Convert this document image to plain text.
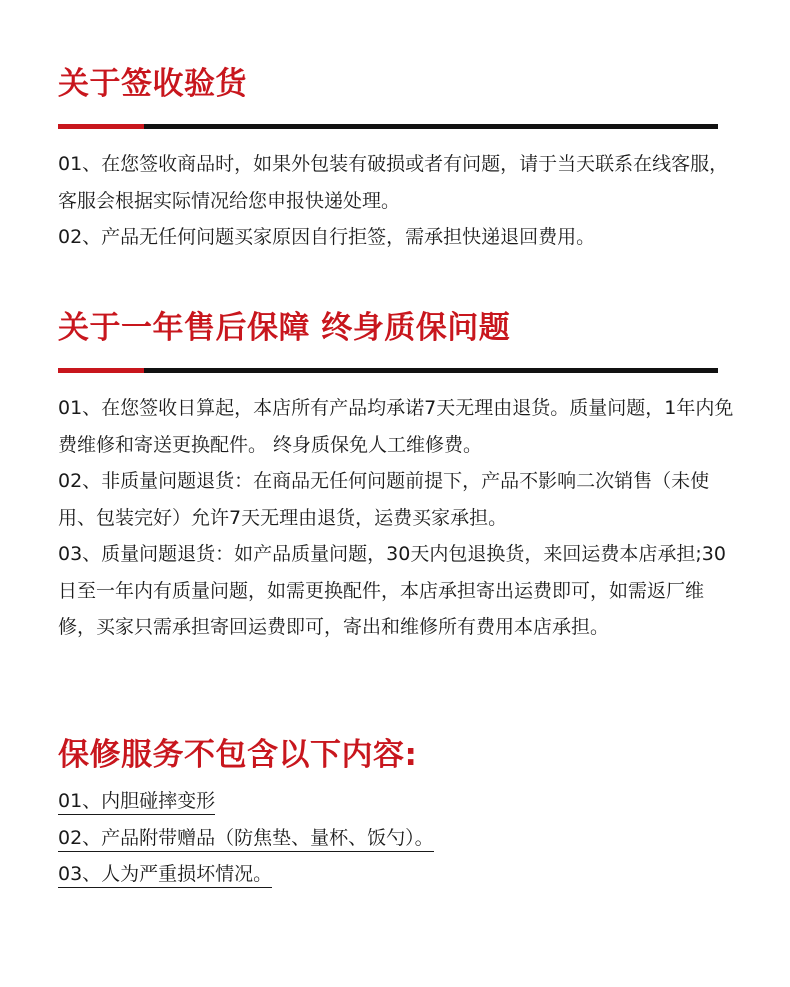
关于签收验货

01、在您签收商品时，如果外包装有破损或者有问题，请于当天联系在线客服，客服会根据实际情况给您申报快递处理。

02、产品无任何问题买家原因自行拒签，需承担快递退回费用。

关于一年售后保障 终身质保问题

01、在您签收日算起，本店所有产品均承诺7天无理由退货。质量问题，1年内免费维修和寄送更换配件。 终身质保免人工维修费。

02、非质量问题退货：在商品无任何问题前提下，产品不影响二次销售（未使用、包装完好）允许7天无理由退货，运费买家承担。

03、质量问题退货：如产品质量问题，30天内包退换货，来回运费本店承担;30日至一年内有质量问题，如需更换配件，本店承担寄出运费即可，如需返厂维修，买家只需承担寄回运费即可，寄出和维修所有费用本店承担。

保修服务不包含以下内容:
01、内胆碰摔变形
02、产品附带赠品（防焦垫、量杯、饭勺）。
03、人为严重损坏情况。
